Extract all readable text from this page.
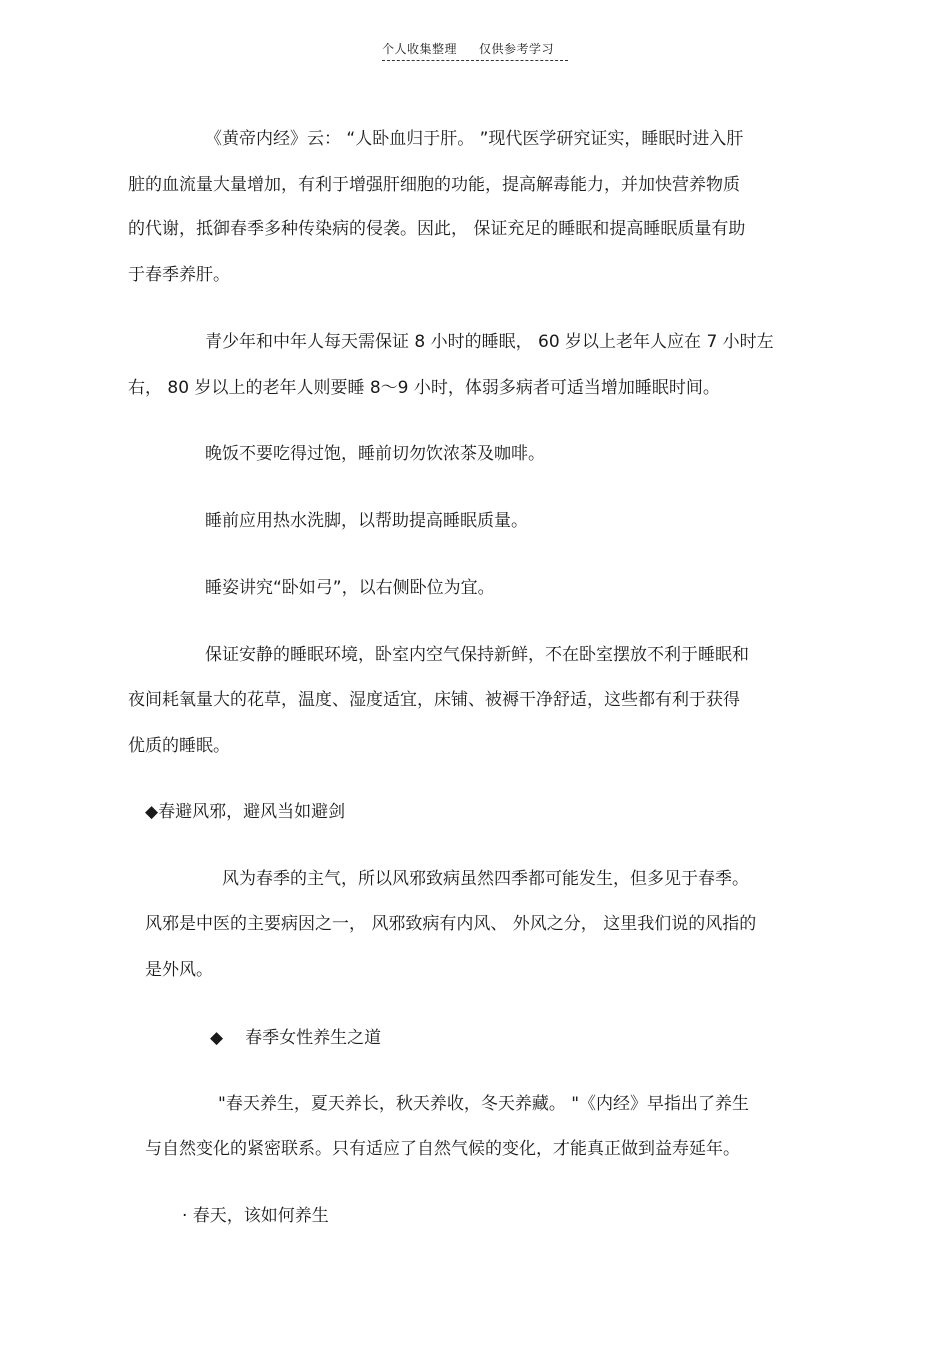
个人收集整理 仅供参考学习
《黄帝内经》云： “人卧血归于肝。 ”现代医学研究证实，睡眠时进入肝
脏的血流量大量增加，有利于增强肝细胞的功能，提高解毒能力，并加快营养物质
的代谢，抵御春季多种传染病的侵袭。因此， 保证充足的睡眠和提高睡眠质量有助
于春季养肝。
青少年和中年人每天需保证 8 小时的睡眠， 60 岁以上老年人应在 7 小时左
右， 80 岁以上的老年人则要睡 8～9 小时，体弱多病者可适当增加睡眠时间。
晚饭不要吃得过饱，睡前切勿饮浓茶及咖啡。
睡前应用热水洗脚，以帮助提高睡眠质量。
睡姿讲究“卧如弓”，以右侧卧位为宜。
保证安静的睡眠环境，卧室内空气保持新鲜，不在卧室摆放不利于睡眠和
夜间耗氧量大的花草，温度、湿度适宜，床铺、被褥干净舒适，这些都有利于获得
优质的睡眠。
◆春避风邪，避风当如避剑
风为春季的主气，所以风邪致病虽然四季都可能发生，但多见于春季。
风邪是中医的主要病因之一， 风邪致病有内风、 外风之分， 这里我们说的风指的
是外风。
◆ 春季女性养生之道
"春天养生，夏天养长，秋天养收，冬天养藏。 "《内经》早指出了养生
与自然变化的紧密联系。只有适应了自然气候的变化，才能真正做到益寿延年。
· 春天，该如何养生
